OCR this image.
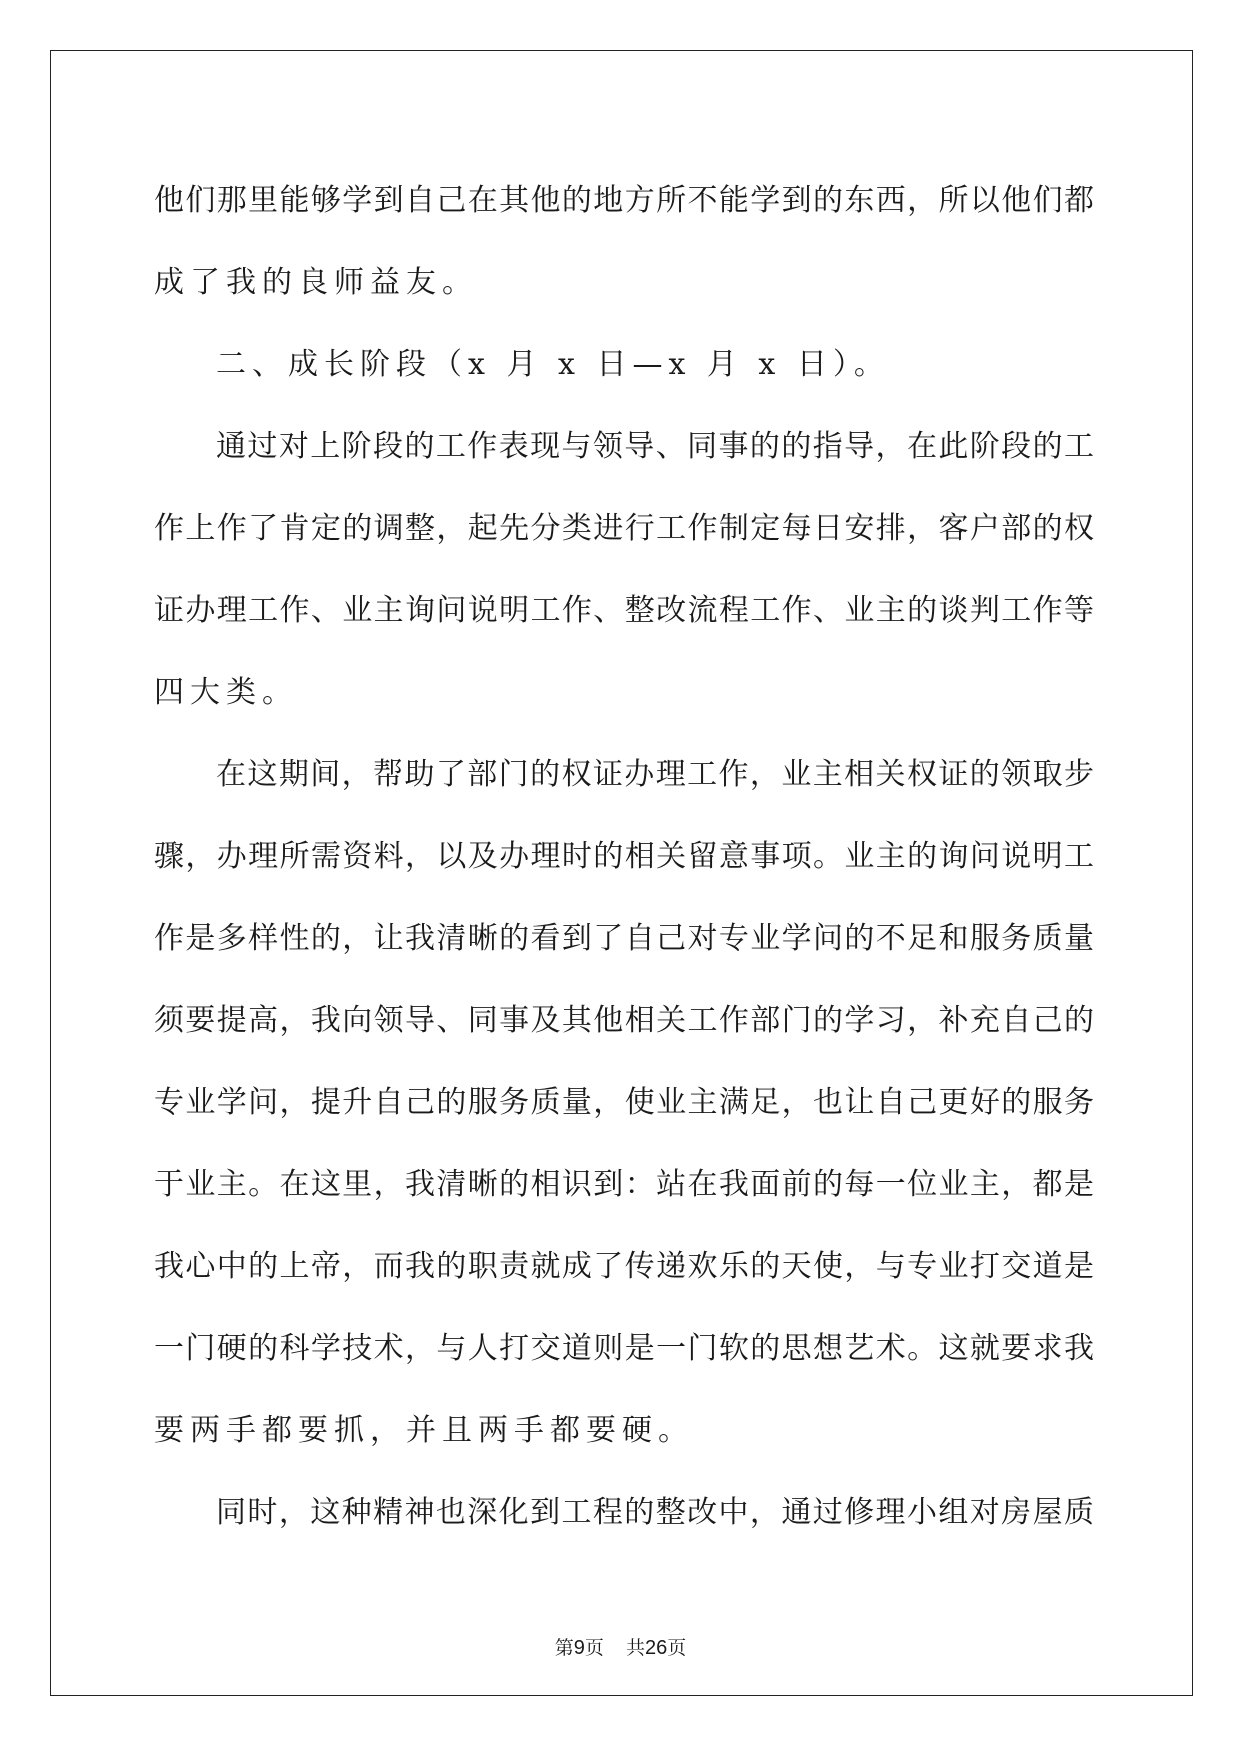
他们那里能够学到自己在其他的地方所不能学到的东西，所以他们都
成了我的良师益友。
二、成长阶段（x 月 x 日—x 月 x 日）。
通过对上阶段的工作表现与领导、同事的的指导，在此阶段的工
作上作了肯定的调整，起先分类进行工作制定每日安排，客户部的权
证办理工作、业主询问说明工作、整改流程工作、业主的谈判工作等
四大类。
在这期间，帮助了部门的权证办理工作，业主相关权证的领取步
骤，办理所需资料，以及办理时的相关留意事项。业主的询问说明工
作是多样性的，让我清晰的看到了自己对专业学问的不足和服务质量
须要提高，我向领导、同事及其他相关工作部门的学习，补充自己的
专业学问，提升自己的服务质量，使业主满足，也让自己更好的服务
于业主。在这里，我清晰的相识到：站在我面前的每一位业主，都是
我心中的上帝，而我的职责就成了传递欢乐的天使，与专业打交道是
一门硬的科学技术，与人打交道则是一门软的思想艺术。这就要求我
要两手都要抓，并且两手都要硬。
同时，这种精神也深化到工程的整改中，通过修理小组对房屋质
第9页 共26页
